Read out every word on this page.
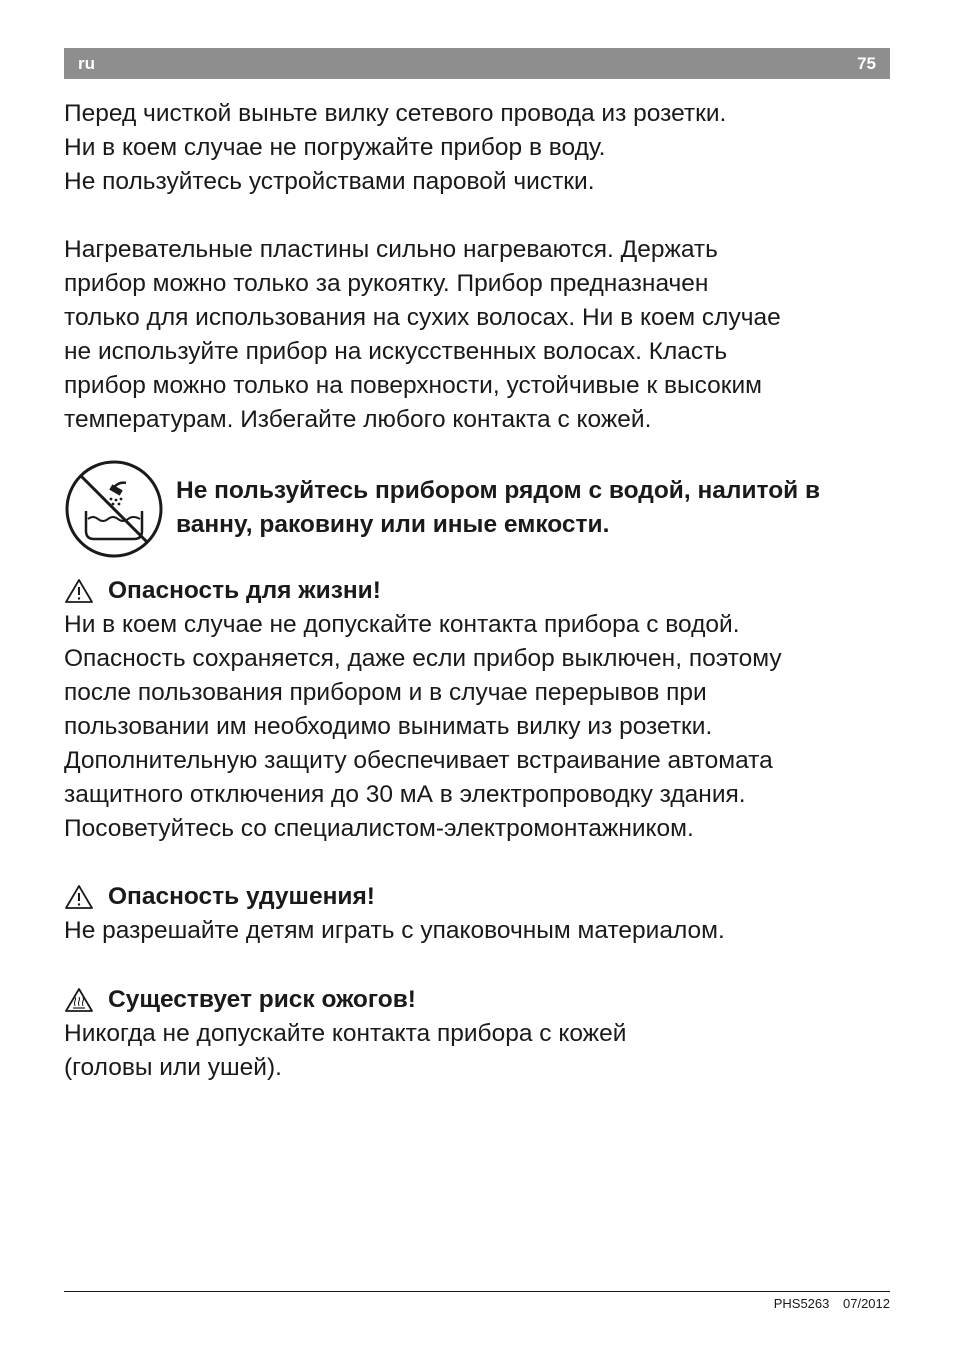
ru	75

Перед чисткой выньте вилку сетевого провода из розетки.
Ни в коем случае не погружайте прибор в воду.
Не пользуйтесь устройствами паровой чистки.

Нагревательные пластины сильно нагреваются. Держать
прибор можно только за рукоятку. Прибор предназначен
только для использования на сухих волосах. Ни в коем случае
не используйте прибор на искусственных волосах. Класть
прибор можно только на поверхности, устойчивые к высоким
температурам. Избегайте любого контакта с кожей.

Не пользуйтесь прибором рядом с водой, налитой в
ванну, раковину или иные емкости.

Опасность для жизни!

Ни в коем случае не допускайте контакта прибора с водой.
Опасность сохраняется, даже если прибор выключен, поэтому
после пользования прибором и в случае перерывов при
пользовании им необходимо вынимать вилку из розетки.
Дополнительную защиту обеспечивает встраивание автомата
защитного отключения до 30 мА в электропроводку здания.
Посоветуйтесь со специалистом-электромонтажником.

Опасность удушения!

Не разрешайте детям играть с упаковочным материалом.

Существует риск ожогов!

Никогда не допускайте контакта прибора с кожей
(головы или ушей).

PHS5263 07/2012
